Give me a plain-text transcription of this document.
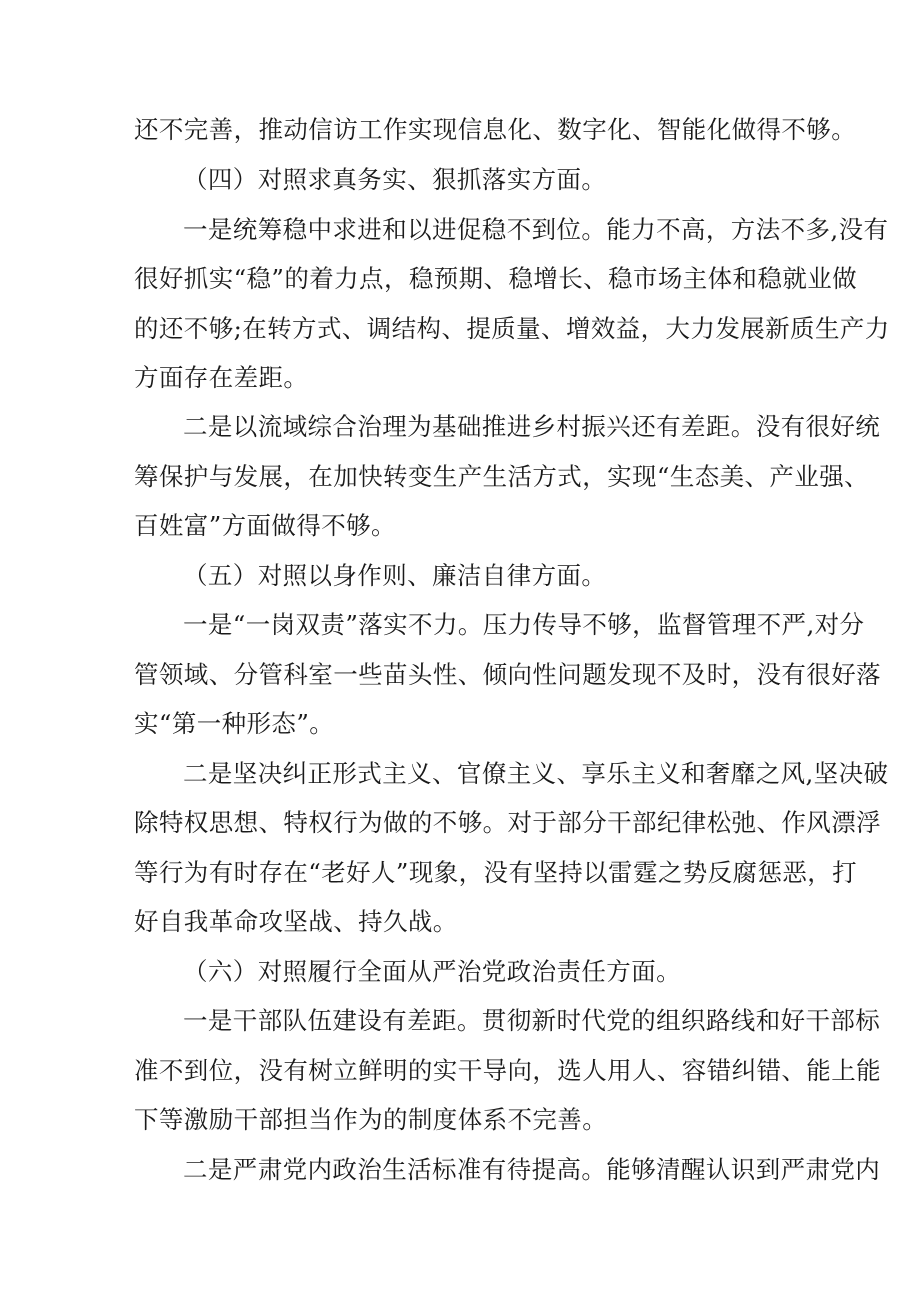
还不完善，推动信访工作实现信息化、数字化、智能化做得不够。
（四）对照求真务实、狠抓落实方面。
一是统筹稳中求进和以进促稳不到位。能力不高，方法不多,没有
很好抓实“稳”的着力点，稳预期、稳增长、稳市场主体和稳就业做
的还不够;在转方式、调结构、提质量、增效益，大力发展新质生产力
方面存在差距。
二是以流域综合治理为基础推进乡村振兴还有差距。没有很好统
筹保护与发展，在加快转变生产生活方式，实现“生态美、产业强、
百姓富”方面做得不够。
（五）对照以身作则、廉洁自律方面。
一是“一岗双责”落实不力。压力传导不够，监督管理不严,对分
管领域、分管科室一些苗头性、倾向性问题发现不及时，没有很好落
实“第一种形态”。
二是坚决纠正形式主义、官僚主义、享乐主义和奢靡之风,坚决破
除特权思想、特权行为做的不够。对于部分干部纪律松弛、作风漂浮
等行为有时存在“老好人”现象，没有坚持以雷霆之势反腐惩恶，打
好自我革命攻坚战、持久战。
（六）对照履行全面从严治党政治责任方面。
一是干部队伍建设有差距。贯彻新时代党的组织路线和好干部标
准不到位，没有树立鲜明的实干导向，选人用人、容错纠错、能上能
下等激励干部担当作为的制度体系不完善。
二是严肃党内政治生活标准有待提高。能够清醒认识到严肃党内
